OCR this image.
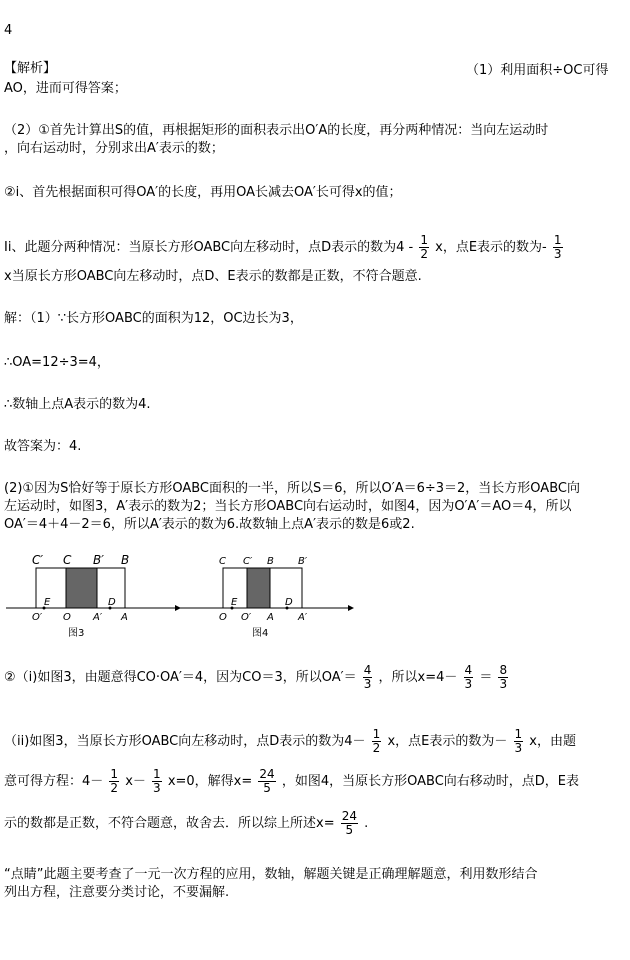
4
【解析】	（1）利用面积÷OC可得
AO，进而可得答案；
（2）①首先计算出S的值，再根据矩形的面积表示出O′A的长度，再分两种情况：当向左运动时
，向右运动时，分别求出A′表示的数；
②i、首先根据面积可得OA′的长度，再用OA长减去OA′长可得x的值；
Ii、此题分两种情况：当原长方形OABC向左移动时，点D表示的数为$4 - \frac{1}{2}$ x，点E表示的数为- $\frac{1}{3}$
x当原长方形OABC向左移动时，点D、E表示的数都是正数，不符合题意.
解：（1）∵长方形OABC的面积为12，OC边长为3，
∴OA=12÷3=4，
∴数轴上点A表示的数为4.
故答案为：4.
(2)①因为S恰好等于原长方形OABC面积的一半，所以S＝6，所以O′A＝6÷3＝2，当长方形OABC向
左运动时，如图3，A′表示的数为2；当长方形OABC向右运动时，如图4，因为O′A′＝AO＝4，所以
OA′＝4＋4－2＝6，所以A′表示的数为6.故数轴上点A′表示的数是6或2.
C′ C B′ B
E	D
O′ O A′ A
图3
C C′ B B′
E	D
O O′ A A′
图4
②（i)如图3，由题意得CO·OA′＝4，因为CO＝3，所以$OA'= \frac{4}{3}$ ，所以$x=4- \frac{4}{3} = \frac{8}{3}$
（ii)如图3，当原长方形OABC向左移动时，点D表示的数为$4- \frac{1}{2}$ x，点E表示的数为－ $\frac{1}{3}$ x，由题
意可得方程：$4- \frac{1}{2} x- \frac{1}{3} x=0$，解得$x= \frac{24}{5}$ ，如图4，当原长方形OABC向右移动时，点D，E表
示的数都是正数，不符合题意，故舍去．所以综上所述$x= \frac{24}{5}$ .
“点睛”此题主要考查了一元一次方程的应用，数轴，解题关键是正确理解题意，利用数形结合
列出方程，注意要分类讨论，不要漏解.
